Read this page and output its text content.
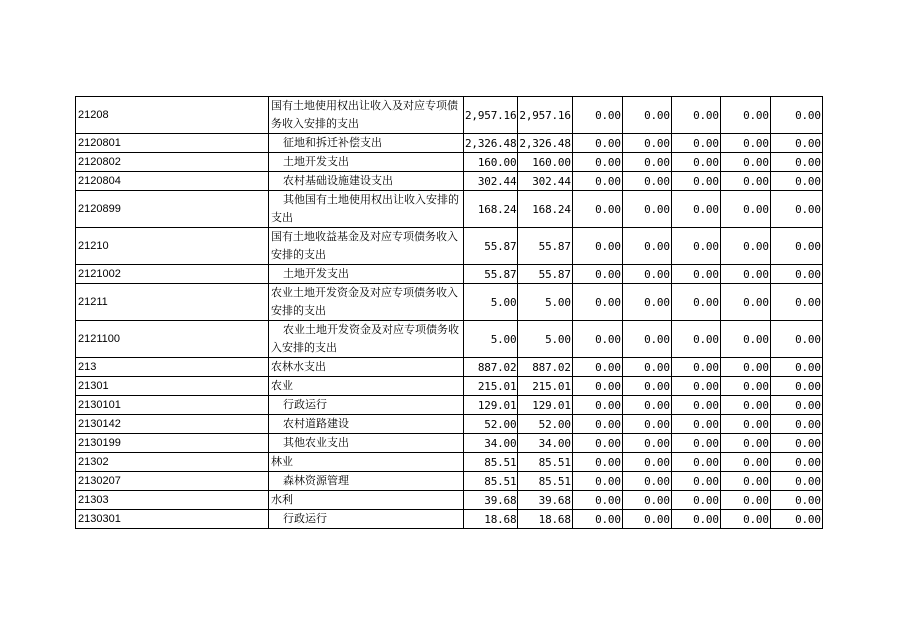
21208	国有土地使用权出让收入及对应专项债务收入安排的支出	2,957.16	2,957.16	0.00	0.00	0.00	0.00	0.00
2120801	征地和拆迁补偿支出	2,326.48	2,326.48	0.00	0.00	0.00	0.00	0.00
2120802	土地开发支出	160.00	160.00	0.00	0.00	0.00	0.00	0.00
2120804	农村基础设施建设支出	302.44	302.44	0.00	0.00	0.00	0.00	0.00
2120899	其他国有土地使用权出让收入安排的支出	168.24	168.24	0.00	0.00	0.00	0.00	0.00
21210	国有土地收益基金及对应专项债务收入安排的支出	55.87	55.87	0.00	0.00	0.00	0.00	0.00
2121002	土地开发支出	55.87	55.87	0.00	0.00	0.00	0.00	0.00
21211	农业土地开发资金及对应专项债务收入安排的支出	5.00	5.00	0.00	0.00	0.00	0.00	0.00
2121100	农业土地开发资金及对应专项债务收入安排的支出	5.00	5.00	0.00	0.00	0.00	0.00	0.00
213	农林水支出	887.02	887.02	0.00	0.00	0.00	0.00	0.00
21301	农业	215.01	215.01	0.00	0.00	0.00	0.00	0.00
2130101	行政运行	129.01	129.01	0.00	0.00	0.00	0.00	0.00
2130142	农村道路建设	52.00	52.00	0.00	0.00	0.00	0.00	0.00
2130199	其他农业支出	34.00	34.00	0.00	0.00	0.00	0.00	0.00
21302	林业	85.51	85.51	0.00	0.00	0.00	0.00	0.00
2130207	森林资源管理	85.51	85.51	0.00	0.00	0.00	0.00	0.00
21303	水利	39.68	39.68	0.00	0.00	0.00	0.00	0.00
2130301	行政运行	18.68	18.68	0.00	0.00	0.00	0.00	0.00
